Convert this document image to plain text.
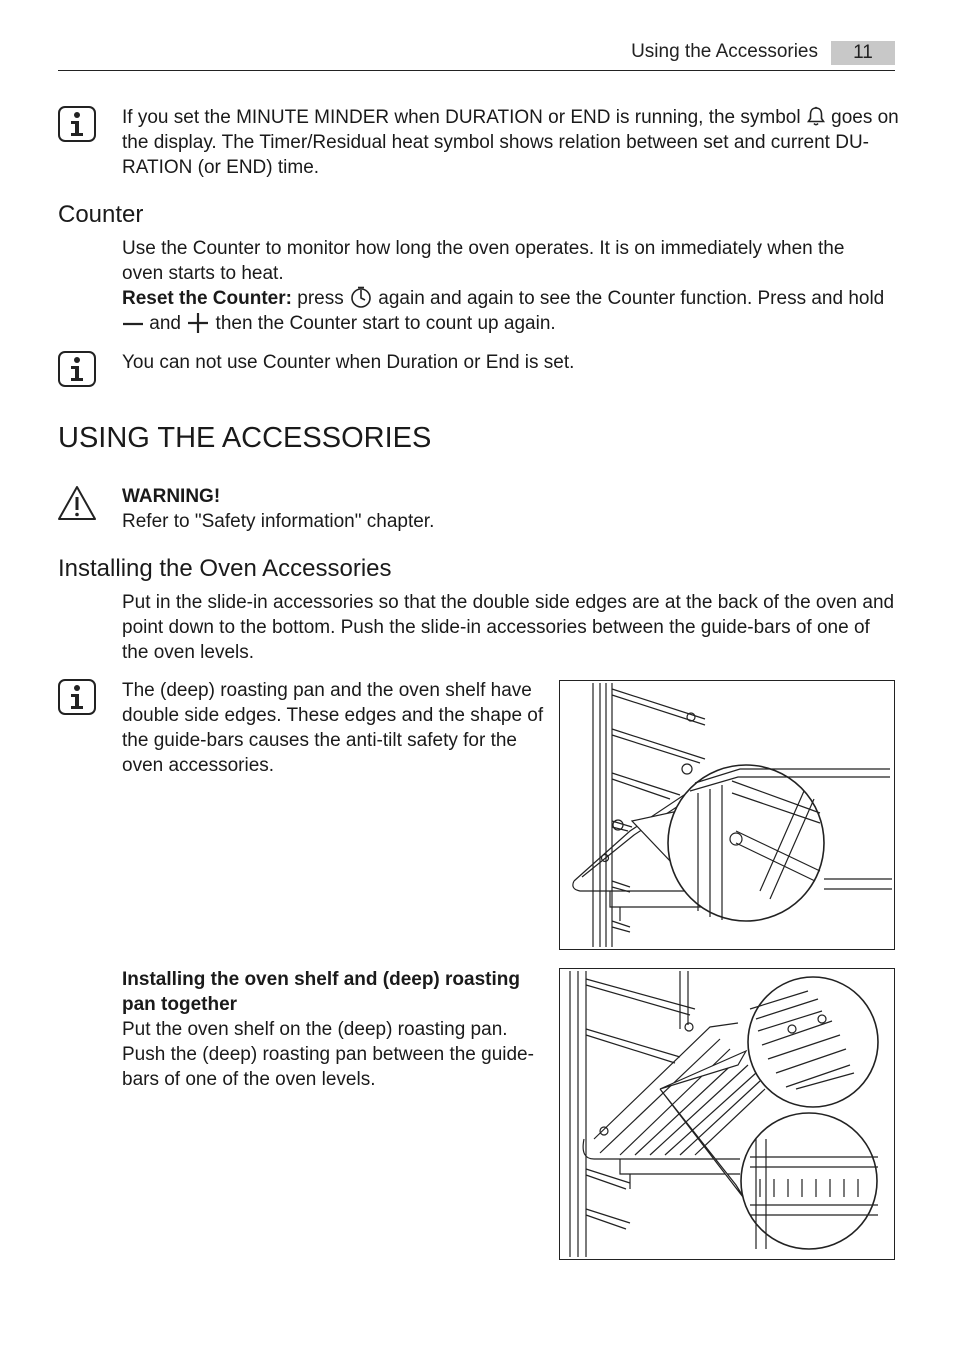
Using the Accessories	11
If you set the MINUTE MINDER when DURATION or END is running, the symbol goes on
the display. The Timer/Residual heat symbol shows relation between set and current DU-
RATION (or END) time.
Counter
Use the Counter to monitor how long the oven operates. It is on immediately when the
oven starts to heat.
Reset the Counter: press again and again to see the Counter function. Press and hold
and then the Counter start to count up again.
You can not use Counter when Duration or End is set.
USING THE ACCESSORIES
WARNING!
Refer to "Safety information" chapter.
Installing the Oven Accessories
Put in the slide-in accessories so that the double side edges are at the back of the oven and
point down to the bottom. Push the slide-in accessories between the guide-bars of one of
the oven levels.
The (deep) roasting pan and the oven shelf have
double side edges. These edges and the shape of
the guide-bars causes the anti-tilt safety for the
oven accessories.
Installing the oven shelf and (deep) roasting
pan together
Put the oven shelf on the (deep) roasting pan.
Push the (deep) roasting pan between the guide-
bars of one of the oven levels.
